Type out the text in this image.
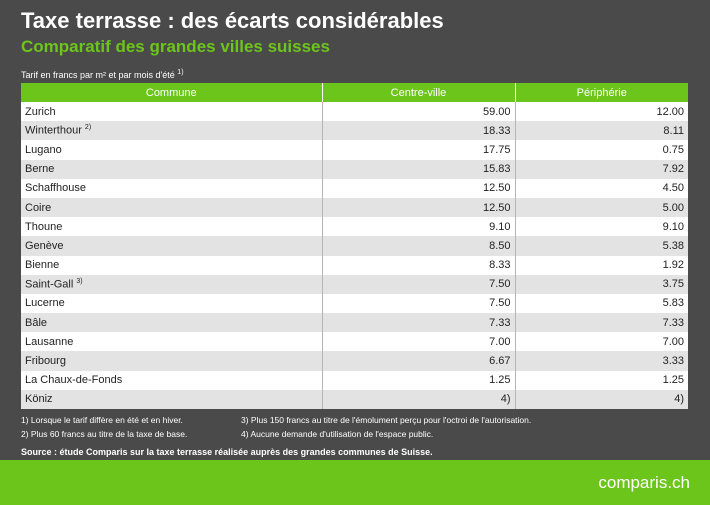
Taxe terrasse : des écarts considérables
Comparatif des grandes villes suisses
Tarif en francs par m² et par mois d'été $^{1)}$
Commune	Centre-ville	Périphérie
Zurich	59.00	12.00
Winterthour $^{2)}$	18.33	8.11
Lugano	17.75	0.75
Berne	15.83	7.92
Schaffhouse	12.50	4.50
Coire	12.50	5.00
Thoune	9.10	9.10
Genève	8.50	5.38
Bienne	8.33	1.92
Saint-Gall $^{3)}$	7.50	3.75
Lucerne	7.50	5.83
Bâle	7.33	7.33
Lausanne	7.00	7.00
Fribourg	6.67	3.33
La Chaux-de-Fonds	1.25	1.25
Köniz	4)	4)
1) Lorsque le tarif diffère en été et en hiver.
2) Plus 60 francs au titre de la taxe de base.
3) Plus 150 francs au titre de l'émolument perçu pour l'octroi de l'autorisation.
4) Aucune demande d'utilisation de l'espace public.
Source : étude Comparis sur la taxe terrasse réalisée auprès des grandes communes de Suisse.
comparis.ch
